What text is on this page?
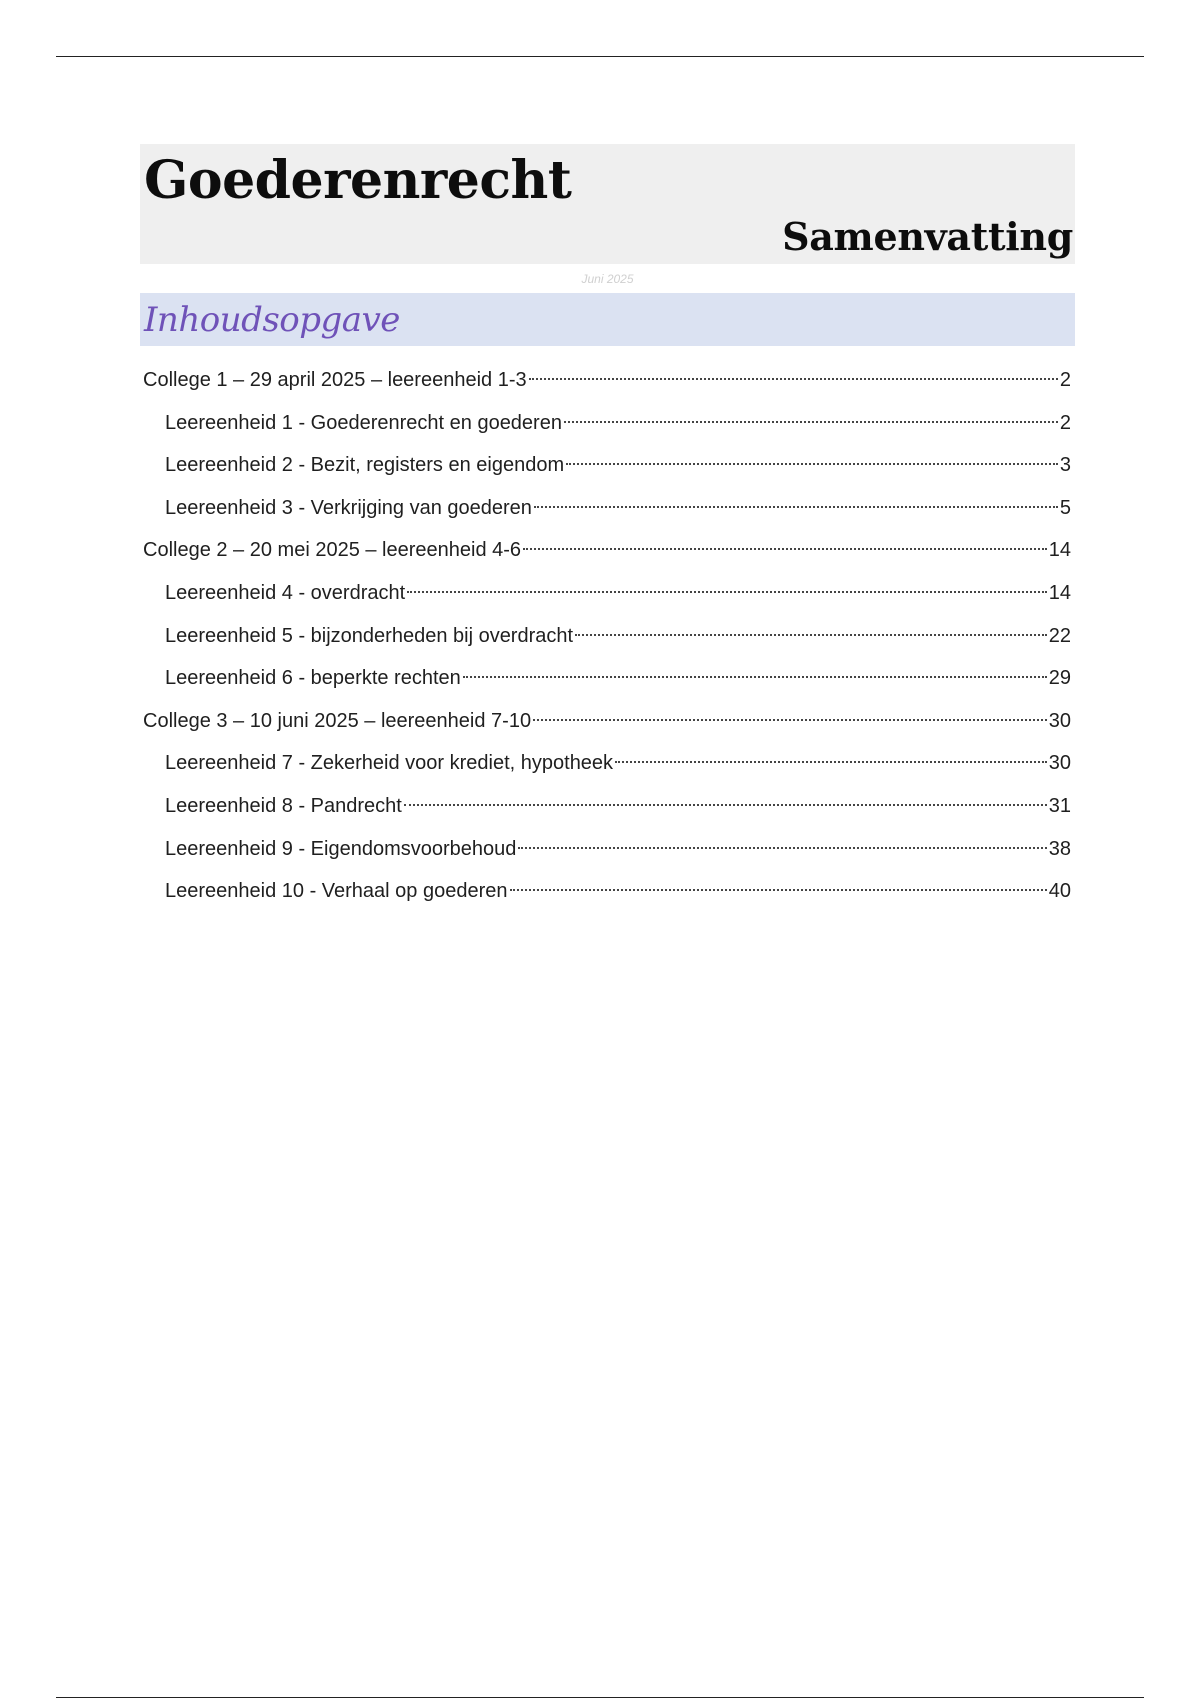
Goederenrecht
Samenvatting
Juni 2025
Inhoudsopgave
College 1 – 29 april 2025 – leereenheid 1-3	2
Leereenheid 1 - Goederenrecht en goederen	2
Leereenheid 2 - Bezit, registers en eigendom	3
Leereenheid 3 - Verkrijging van goederen	5
College 2 – 20 mei 2025 – leereenheid 4-6	14
Leereenheid 4 - overdracht	14
Leereenheid 5 - bijzonderheden bij overdracht	22
Leereenheid 6 - beperkte rechten	29
College 3 – 10 juni 2025 – leereenheid 7-10	30
Leereenheid 7 - Zekerheid voor krediet, hypotheek	30
Leereenheid 8 - Pandrecht	31
Leereenheid 9 - Eigendomsvoorbehoud	38
Leereenheid 10 - Verhaal op goederen	40
